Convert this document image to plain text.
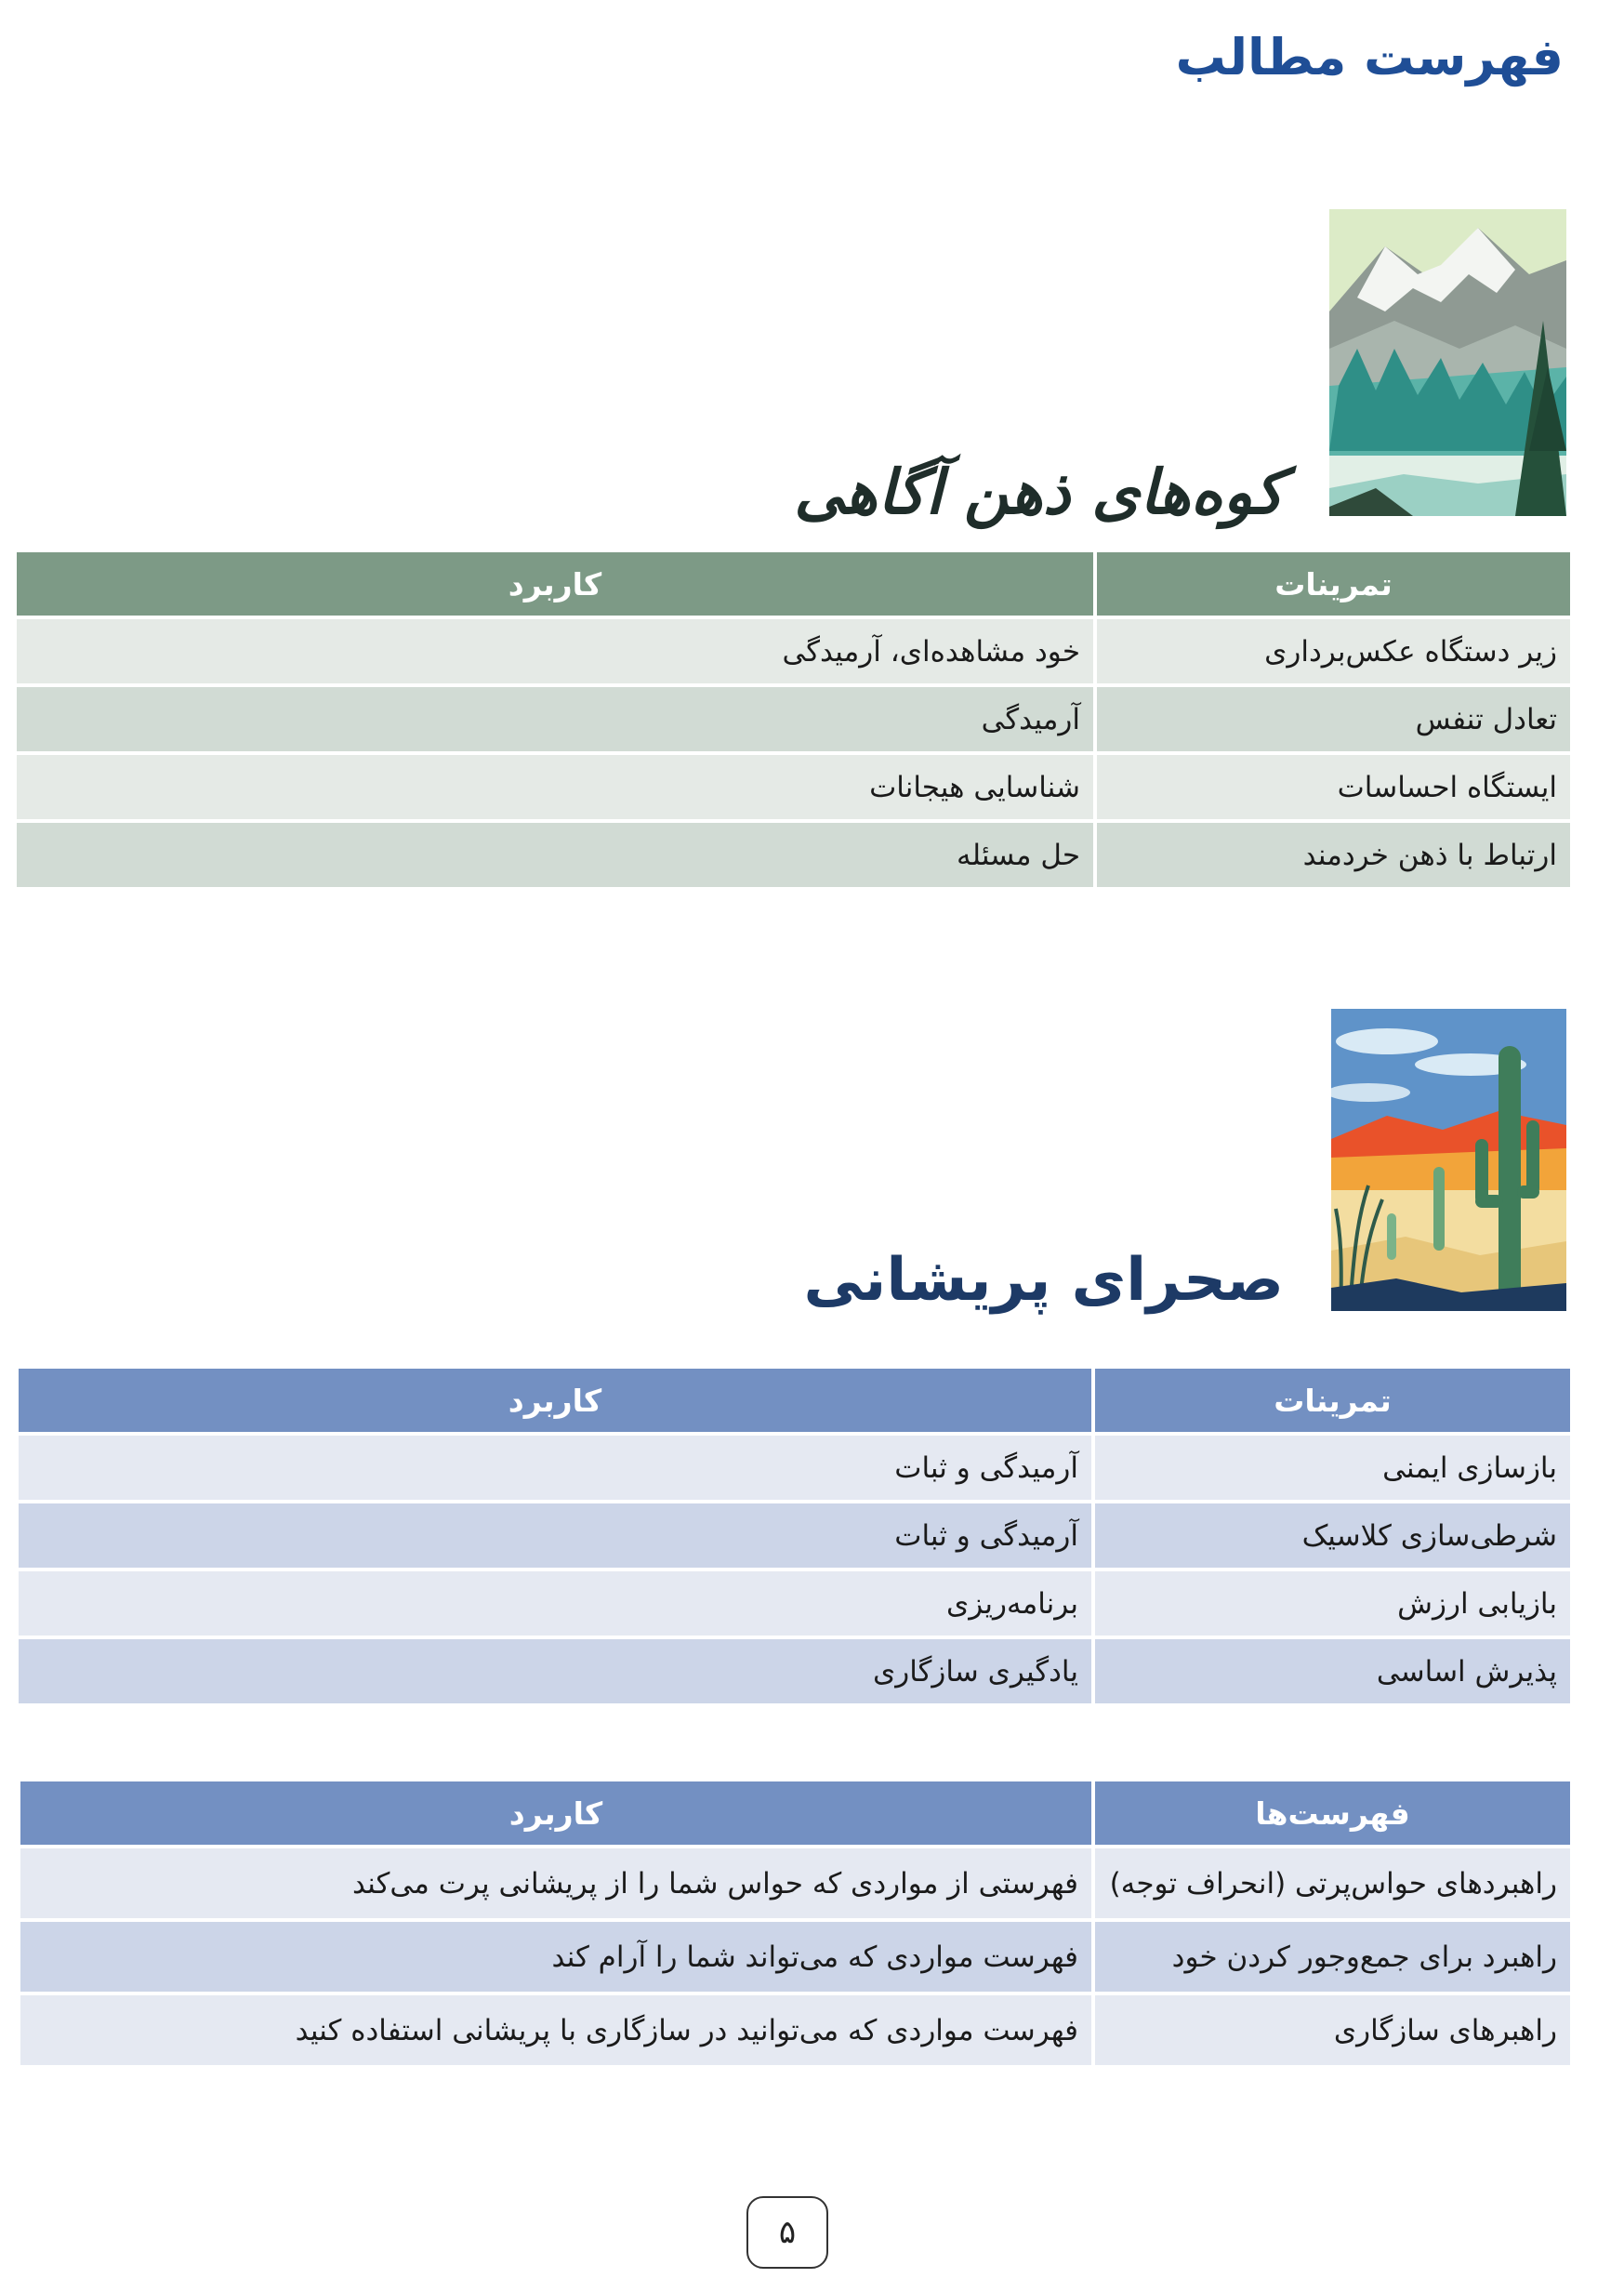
فهرست مطالب
کوه‌های ذهن آگاهی
تمرینات	کاربرد
زیر دستگاه عکس‌برداری	خود مشاهده‌ای، آرمیدگی
تعادل تنفس	آرمیدگی
ایستگاه احساسات	شناسایی هیجانات
ارتباط با ذهن خردمند	حل مسئله
صحرای پریشانی
تمرینات	کاربرد
بازسازی ایمنی	آرمیدگی و ثبات
شرطی‌سازی کلاسیک	آرمیدگی و ثبات
بازیابی ارزش	برنامه‌ریزی
پذیرش اساسی	یادگیری سازگاری
فهرست‌ها	کاربرد
راهبردهای حواس‌پرتی (انحراف توجه)	فهرستی از مواردی که حواس شما را از پریشانی پرت می‌کند
راهبرد برای جمع‌وجور کردن خود	فهرست مواردی که می‌تواند شما را آرام کند
راهبرهای سازگاری	فهرست مواردی که می‌توانید در سازگاری با پریشانی استفاده کنید
۵
